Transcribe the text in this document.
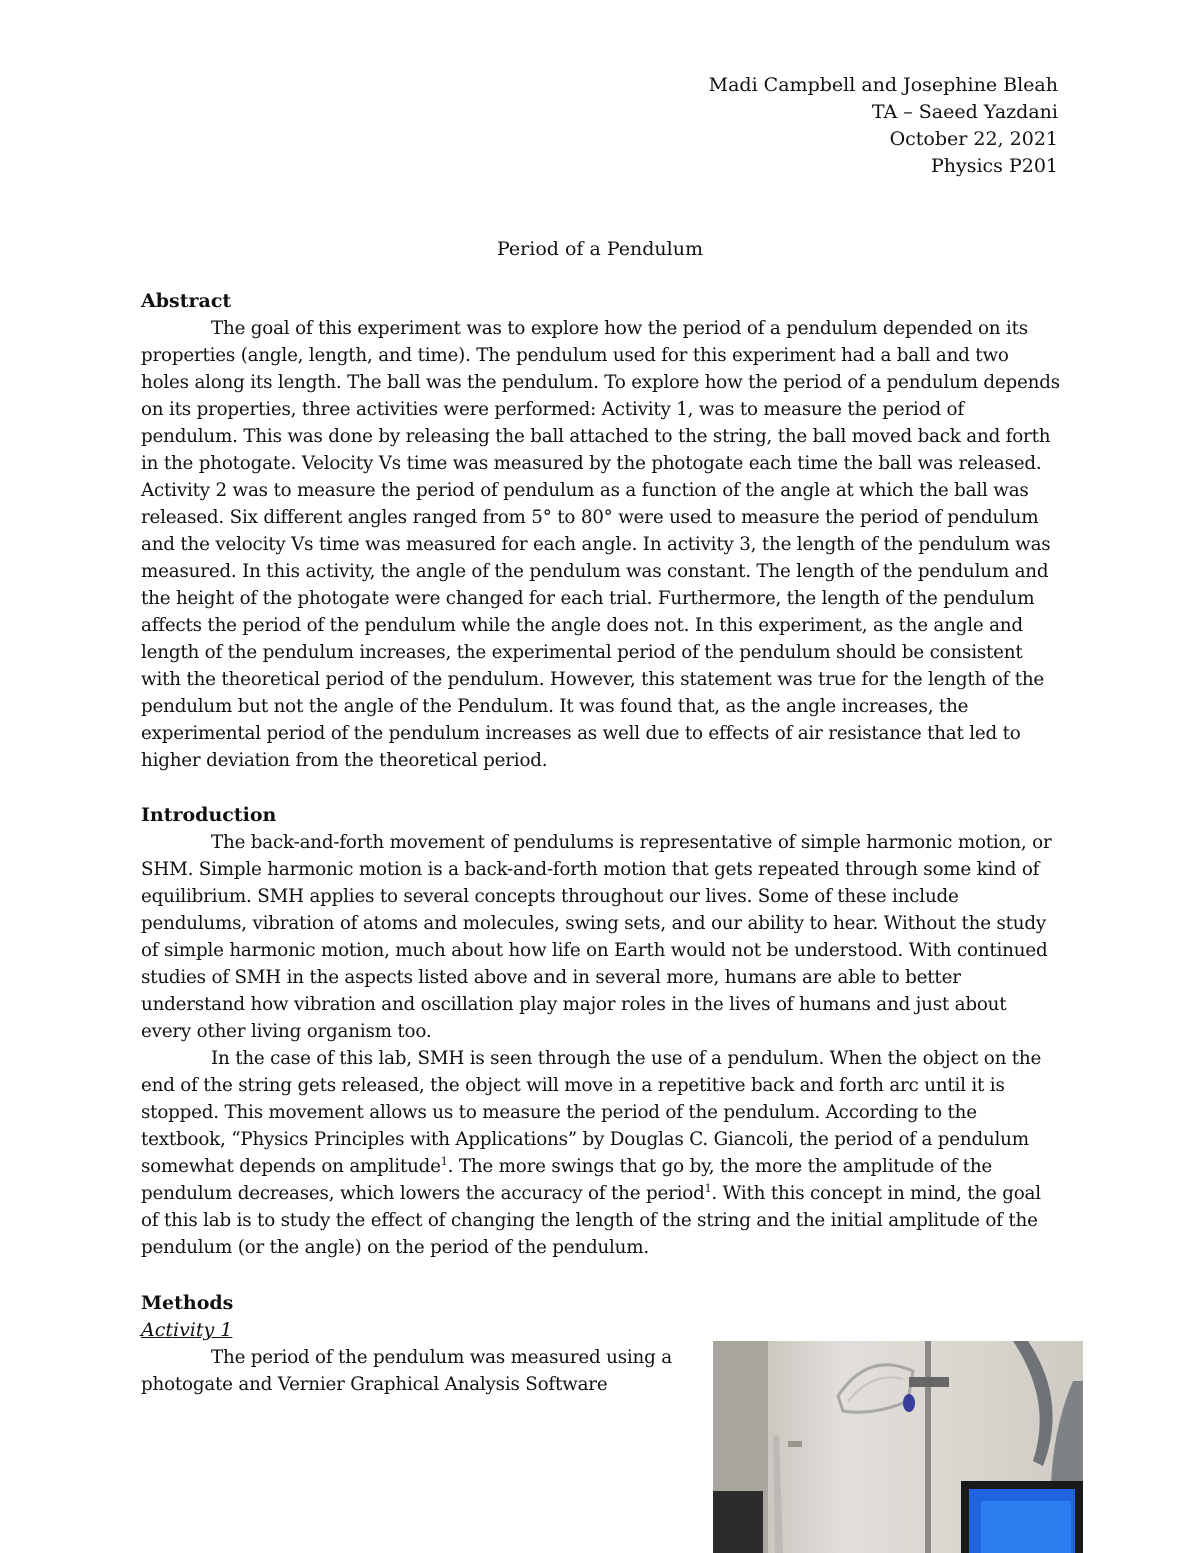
Madi Campbell and Josephine Bleah
TA – Saeed Yazdani
October 22, 2021
Physics P201
Period of a Pendulum
Abstract

The goal of this experiment was to explore how the period of a pendulum depended on its properties (angle, length, and time). The pendulum used for this experiment had a ball and two holes along its length. The ball was the pendulum. To explore how the period of a pendulum depends on its properties, three activities were performed: Activity 1, was to measure the period of pendulum. This was done by releasing the ball attached to the string, the ball moved back and forth in the photogate. Velocity Vs time was measured by the photogate each time the ball was released. Activity 2 was to measure the period of pendulum as a function of the angle at which the ball was released. Six different angles ranged from 5° to 80° were used to measure the period of pendulum and the velocity Vs time was measured for each angle. In activity 3, the length of the pendulum was measured. In this activity, the angle of the pendulum was constant. The length of the pendulum and the height of the photogate were changed for each trial. Furthermore, the length of the pendulum affects the period of the pendulum while the angle does not. In this experiment, as the angle and length of the pendulum increases, the experimental period of the pendulum should be consistent with the theoretical period of the pendulum. However, this statement was true for the length of the pendulum but not the angle of the Pendulum. It was found that, as the angle increases, the experimental period of the pendulum increases as well due to effects of air resistance that led to higher deviation from the theoretical period.

Introduction

The back-and-forth movement of pendulums is representative of simple harmonic motion, or SHM. Simple harmonic motion is a back-and-forth motion that gets repeated through some kind of equilibrium. SMH applies to several concepts throughout our lives. Some of these include pendulums, vibration of atoms and molecules, swing sets, and our ability to hear. Without the study of simple harmonic motion, much about how life on Earth would not be understood. With continued studies of SMH in the aspects listed above and in several more, humans are able to better understand how vibration and oscillation play major roles in the lives of humans and just about every other living organism too.

In the case of this lab, SMH is seen through the use of a pendulum. When the object on the end of the string gets released, the object will move in a repetitive back and forth arc until it is stopped. This movement allows us to measure the period of the pendulum. According to the textbook, “Physics Principles with Applications” by Douglas C. Giancoli, the period of a pendulum somewhat depends on amplitude$^1$. The more swings that go by, the more the amplitude of the pendulum decreases, which lowers the accuracy of the period$^1$. With this concept in mind, the goal of this lab is to study the effect of changing the length of the string and the initial amplitude of the pendulum (or the angle) on the period of the pendulum.

Methods
Activity 1

The period of the pendulum was measured using a photogate and Vernier Graphical Analysis Software
